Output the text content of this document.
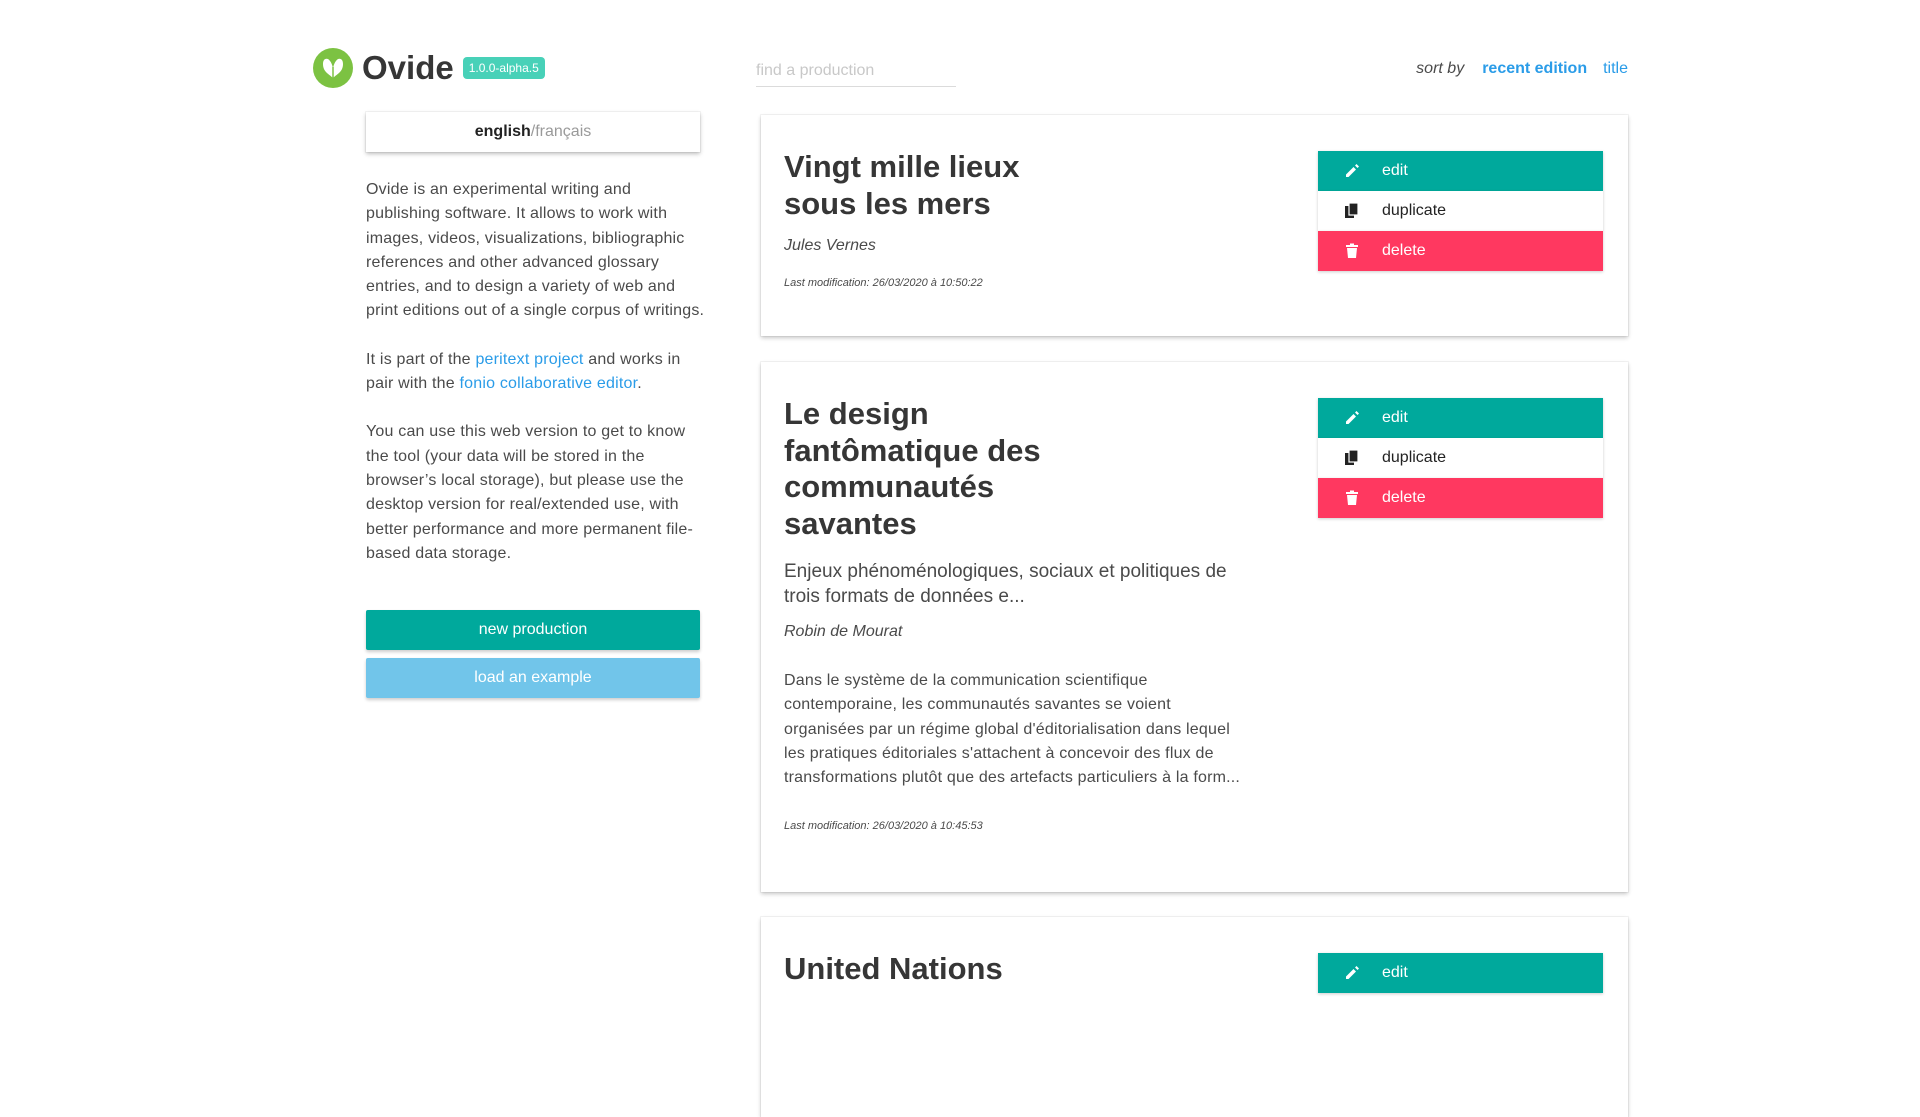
Ovide	1.0.0-alpha.5
find a production	sort by recent edition title
english / français

Ovide is an experimental writing and publishing software. It allows to work with images, videos, visualizations, bibliographic references and other advanced glossary entries, and to design a variety of web and print editions out of a single corpus of writings.

It is part of the peritext project and works in pair with the fonio collaborative editor.

You can use this web version to get to know the tool (your data will be stored in the browser’s local storage), but please use the desktop version for real/extended use, with better performance and more permanent file-based data storage.

new production
load an example
Vingt mille lieux sous les mers
Jules Vernes
Last modification: 26/03/2020 à 10:50:22
edit
duplicate
delete
Le design fantômatique des communautés savantes
Enjeux phénoménologiques, sociaux et politiques de trois formats de données e...
Robin de Mourat
Dans le système de la communication scientifique contemporaine, les communautés savantes se voient organisées par un régime global d'éditorialisation dans lequel les pratiques éditoriales s'attachent à concevoir des flux de transformations plutôt que des artefacts particuliers à la form...
Last modification: 26/03/2020 à 10:45:53
edit
duplicate
delete
United Nations	edit
